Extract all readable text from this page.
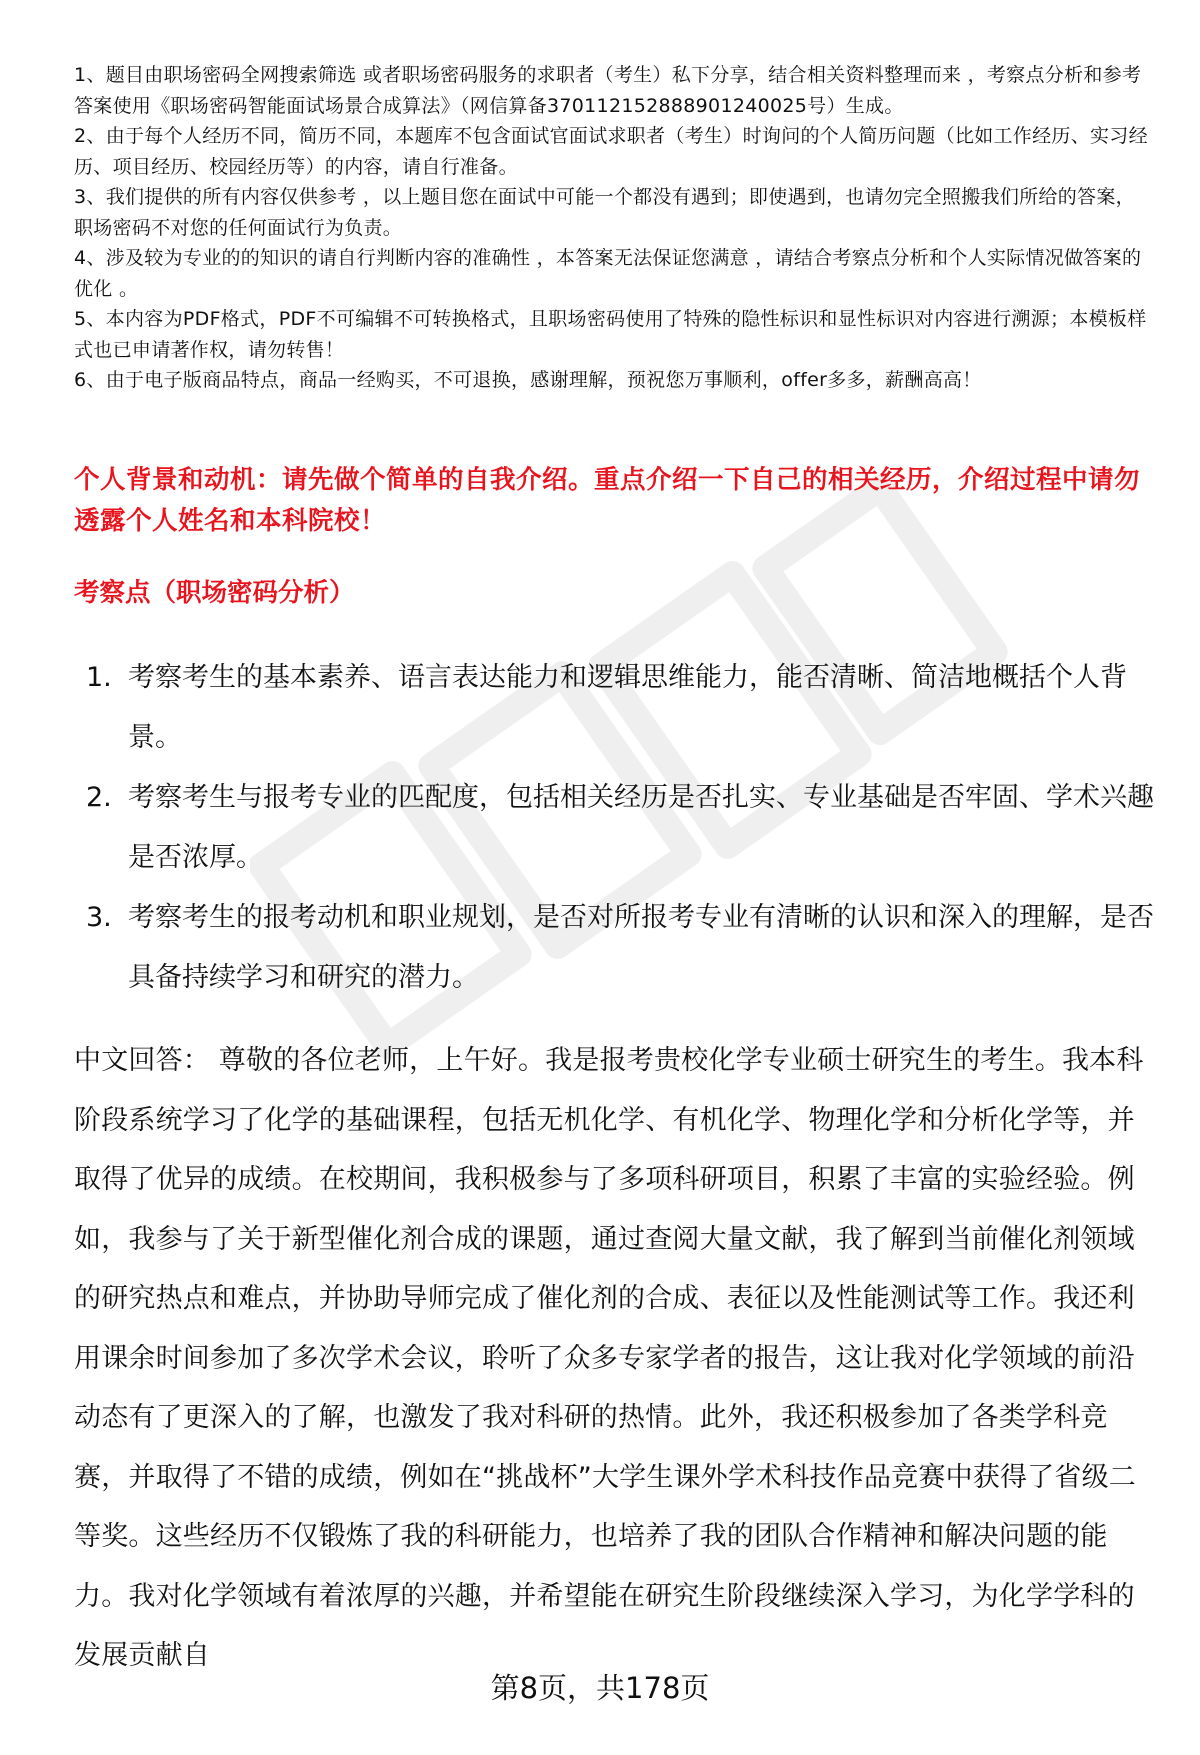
1、题目由职场密码全网搜索筛选 或者职场密码服务的求职者（考生）私下分享，结合相关资料整理而来 ，考察点分析和参考答案使用《职场密码智能面试场景合成算法》（网信算备370112152888901240025号）生成。

2、由于每个人经历不同，简历不同，本题库不包含面试官面试求职者（考生）时询问的个人简历问题（比如工作经历、实习经历、项目经历、校园经历等）的内容，请自行准备。

3、我们提供的所有内容仅供参考 ，以上题目您在面试中可能一个都没有遇到；即使遇到，也请勿完全照搬我们所给的答案，职场密码不对您的任何面试行为负责。

4、涉及较为专业的的知识的请自行判断内容的准确性 ，本答案无法保证您满意 ，请结合考察点分析和个人实际情况做答案的优化 。

5、本内容为PDF格式，PDF不可编辑不可转换格式，且职场密码使用了特殊的隐性标识和显性标识对内容进行溯源；本模板样式也已申请著作权，请勿转售！

6、由于电子版商品特点，商品一经购买，不可退换，感谢理解，预祝您万事顺利，offer多多，薪酬高高！

个人背景和动机：请先做个简单的自我介绍。重点介绍一下自己的相关经历，介绍过程中请勿透露个人姓名和本科院校！
考察点（职场密码分析）
1. 考察考生的基本素养、语言表达能力和逻辑思维能力，能否清晰、简洁地概括个人背景。
2. 考察考生与报考专业的匹配度，包括相关经历是否扎实、专业基础是否牢固、学术兴趣是否浓厚。
3. 考察考生的报考动机和职业规划，是否对所报考专业有清晰的认识和深入的理解，是否具备持续学习和研究的潜力。

中文回答： 尊敬的各位老师，上午好。我是报考贵校化学专业硕士研究生的考生。我本科阶段系统学习了化学的基础课程，包括无机化学、有机化学、物理化学和分析化学等，并取得了优异的成绩。在校期间，我积极参与了多项科研项目，积累了丰富的实验经验。例如，我参与了关于新型催化剂合成的课题，通过查阅大量文献，我了解到当前催化剂领域的研究热点和难点，并协助导师完成了催化剂的合成、表征以及性能测试等工作。我还利用课余时间参加了多次学术会议，聆听了众多专家学者的报告，这让我对化学领域的前沿动态有了更深入的了解，也激发了我对科研的热情。此外，我还积极参加了各类学科竞赛，并取得了不错的成绩，例如在“挑战杯”大学生课外学术科技作品竞赛中获得了省级二等奖。这些经历不仅锻炼了我的科研能力，也培养了我的团队合作精神和解决问题的能力。我对化学领域有着浓厚的兴趣，并希望能在研究生阶段继续深入学习，为化学学科的发展贡献自

第8页，共178页
